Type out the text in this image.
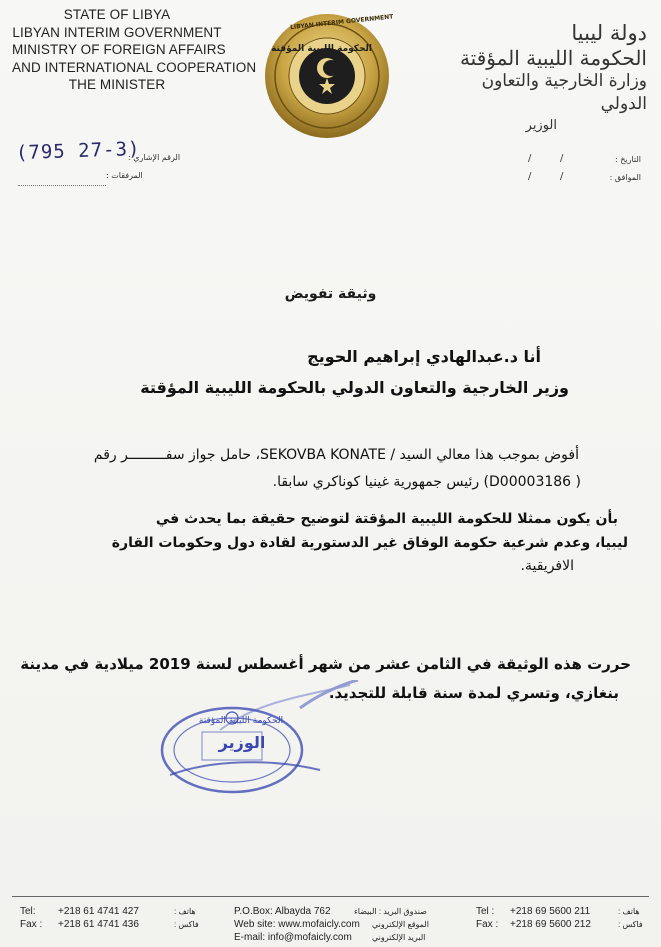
STATE OF LIBYA
LIBYAN INTERIM GOVERNMENT
MINISTRY OF FOREIGN AFFAIRS
AND INTERNATIONAL COOPERATION
THE MINISTER
LIBYAN INTERIM GOVERNMENT
الحكومة الليبية المؤقتة
دولة ليبيا
الحكومة الليبية المؤقتة
وزارة الخارجية والتعاون الدولي
الوزير
(795 27-3)
الرقم الإشاري :
المرفقات :
التاريخ :
الموافق :
/	/
/	/
وثيقة تفويض
أنا د.عبدالهادي إبراهيم الحويج
وزير الخارجية والتعاون الدولي بالحكومة الليبية المؤقتة
أفوض بموجب هذا معالي السيد / SEKOVBA KONATE، حامل جواز سفـــــــــر رقم
( D00003186) رئيس جمهورية غينيا كوناكري سابقا.
بأن يكون ممثلا للحكومة الليبية المؤقتة لتوضيح حقيقة بما يحدث في
ليبيا، وعدم شرعية حكومة الوفاق غير الدستورية لقادة دول وحكومات القارة
الافريقية.
حررت هذه الوثيقة في الثامن عشر من شهر أغسطس لسنة 2019 ميلادية في مدينة
بنغازي، وتسري لمدة سنة قابلة للتجديد.
الوزير
الحكومة الليبية المؤقتة
Tel: +218 61 4741 427
Fax : +218 61 4741 436
هاتف :
فاكس :
P.O.Box: Albayda 762
Web site: www.mofaicly.com
E-mail: info@mofaicly.com
صندوق البريد : البيضاء
الموقع الإلكتروني
البريد الإلكتروني
Tel : +218 69 5600 211
Fax : +218 69 5600 212
هاتف :
فاكس :
